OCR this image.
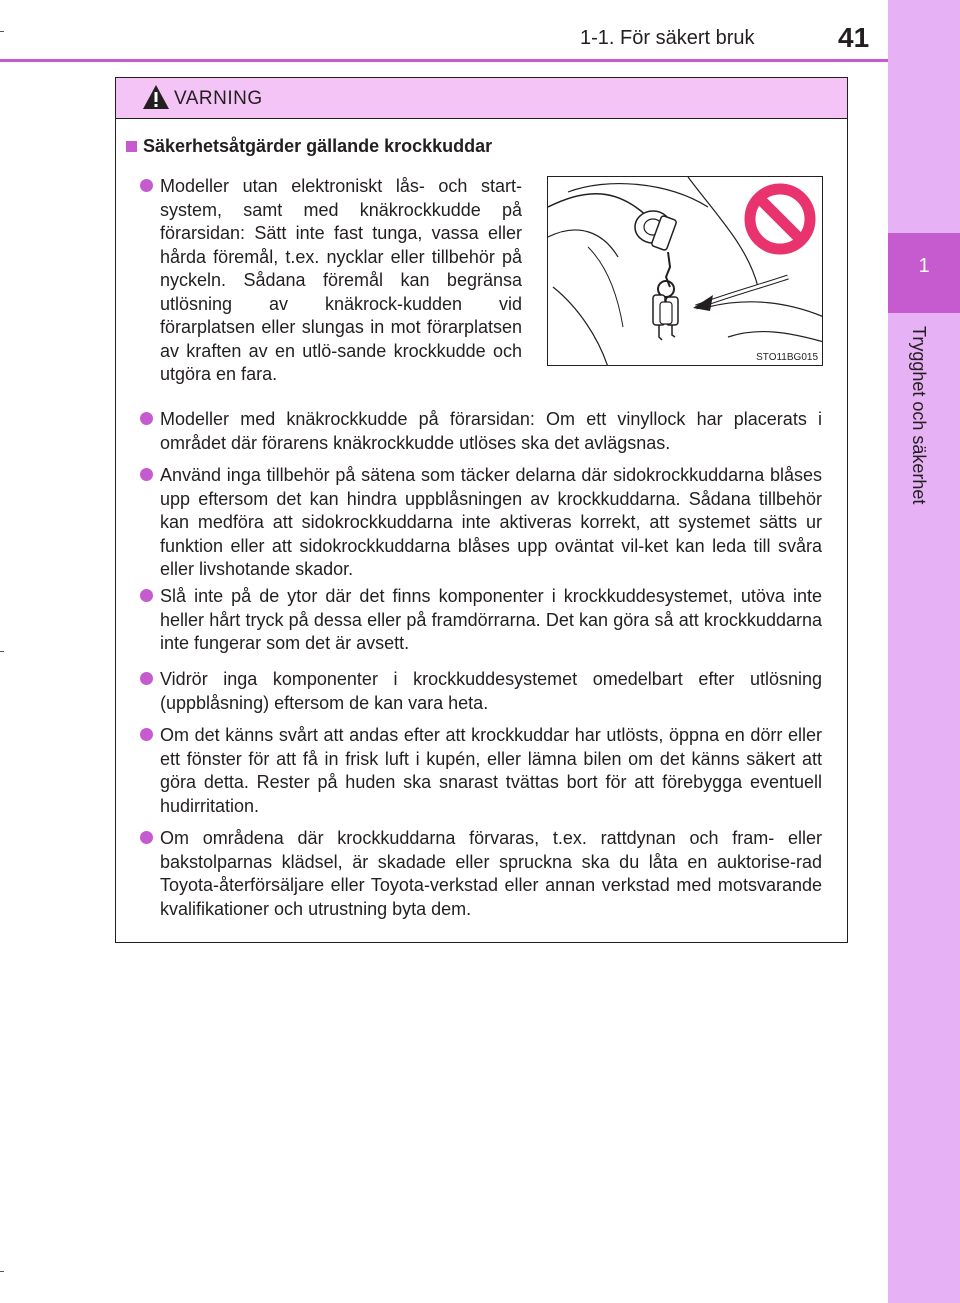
1-1. För säkert bruk	41
1
Trygghet och säkerhet
VARNING
Säkerhetsåtgärder gällande krockkuddar
STO11BG015
Modeller utan elektroniskt lås- och start-system, samt med knäkrockkudde på förarsidan: Sätt inte fast tunga, vassa eller hårda föremål, t.ex. nycklar eller tillbehör på nyckeln. Sådana föremål kan begränsa utlösning av knäkrock-kudden vid förarplatsen eller slungas in mot förarplatsen av kraften av en utlö-sande krockkudde och utgöra en fara.
Modeller med knäkrockkudde på förarsidan: Om ett vinyllock har placerats i området där förarens knäkrockkudde utlöses ska det avlägsnas.
Använd inga tillbehör på sätena som täcker delarna där sidokrockkuddarna blåses upp eftersom det kan hindra uppblåsningen av krockkuddarna. Sådana tillbehör kan medföra att sidokrockkuddarna inte aktiveras korrekt, att systemet sätts ur funktion eller att sidokrockkuddarna blåses upp oväntat vil-ket kan leda till svåra eller livshotande skador.
Slå inte på de ytor där det finns komponenter i krockkuddesystemet, utöva inte heller hårt tryck på dessa eller på framdörrarna. Det kan göra så att krockkuddarna inte fungerar som det är avsett.
Vidrör inga komponenter i krockkuddesystemet omedelbart efter utlösning (uppblåsning) eftersom de kan vara heta.
Om det känns svårt att andas efter att krockkuddar har utlösts, öppna en dörr eller ett fönster för att få in frisk luft i kupén, eller lämna bilen om det känns säkert att göra detta. Rester på huden ska snarast tvättas bort för att förebygga eventuell hudirritation.
Om områdena där krockkuddarna förvaras, t.ex. rattdynan och fram- eller bakstolparnas klädsel, är skadade eller spruckna ska du låta en auktorise-rad Toyota-återförsäljare eller Toyota-verkstad eller annan verkstad med motsvarande kvalifikationer och utrustning byta dem.
